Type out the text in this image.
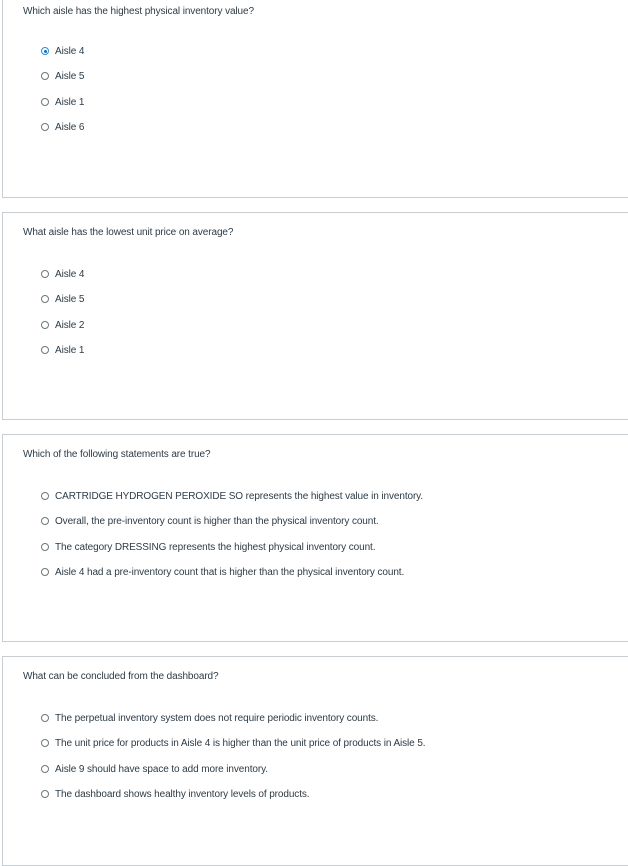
Which aisle has the highest physical inventory value?
Aisle 4
Aisle 5
Aisle 1
Aisle 6
What aisle has the lowest unit price on average?
Aisle 4
Aisle 5
Aisle 2
Aisle 1
Which of the following statements are true?
CARTRIDGE HYDROGEN PEROXIDE SO represents the highest value in inventory.
Overall, the pre-inventory count is higher than the physical inventory count.
The category DRESSING represents the highest physical inventory count.
Aisle 4 had a pre-inventory count that is higher than the physical inventory count.
What can be concluded from the dashboard?
The perpetual inventory system does not require periodic inventory counts.
The unit price for products in Aisle 4 is higher than the unit price of products in Aisle 5.
Aisle 9 should have space to add more inventory.
The dashboard shows healthy inventory levels of products.
